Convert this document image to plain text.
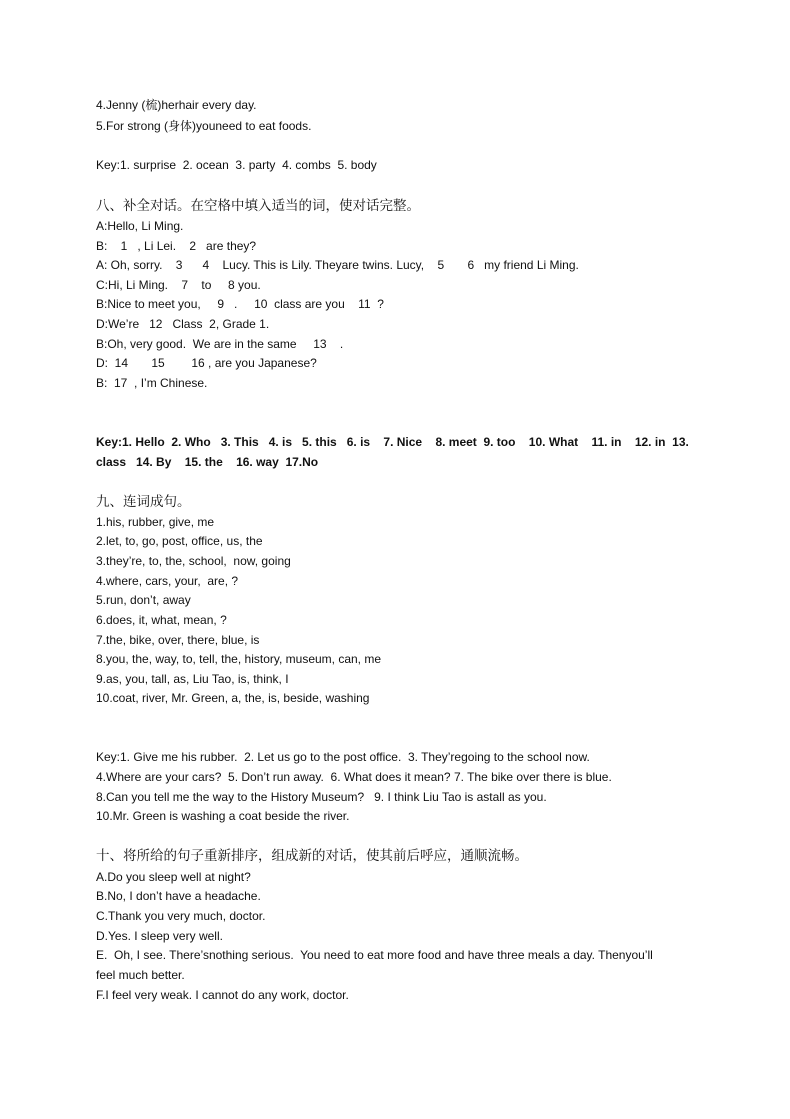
4.Jenny (梳)herhair every day.
5.For strong (身体)youneed to eat foods.
Key:1. surprise  2. ocean  3. party  4. combs  5. body
八、补全对话。在空格中填入适当的词，使对话完整。
A:Hello, Li Ming.
B:    1   , Li Lei.    2   are they?
A: Oh, sorry.    3      4    Lucy. This is Lily. Theyare twins. Lucy,    5       6   my friend Li Ming.
C:Hi, Li Ming.    7    to     8 you.
B:Nice to meet you,     9   .     10  class are you    11  ?
D:We’re   12   Class  2, Grade 1.
B:Oh, very good.  We are in the same     13    .
D:  14       15        16 , are you Japanese?
B:  17  , I’m Chinese.
Key:1. Hello  2. Who   3. This   4. is   5. this   6. is    7. Nice    8. meet  9. too    10. What    11. in    12. in  13.
class   14. By    15. the    16. way  17.No
九、连词成句。
1.his, rubber, give, me
2.let, to, go, post, office, us, the
3.they’re, to, the, school,  now, going
4.where, cars, your,  are, ?
5.run, don’t, away
6.does, it, what, mean, ?
7.the, bike, over, there, blue, is
8.you, the, way, to, tell, the, history, museum, can, me
9.as, you, tall, as, Liu Tao, is, think, I
10.coat, river, Mr. Green, a, the, is, beside, washing
Key:1. Give me his rubber.  2. Let us go to the post office.  3. They’regoing to the school now.
4.Where are your cars?  5. Don’t run away.  6. What does it mean? 7. The bike over there is blue.
8.Can you tell me the way to the History Museum?   9. I think Liu Tao is astall as you.
10.Mr. Green is washing a coat beside the river.
十、将所给的句子重新排序，组成新的对话，使其前后呼应，通顺流畅。
A.Do you sleep well at night?
B.No, I don’t have a headache.
C.Thank you very much, doctor.
D.Yes. I sleep very well.
E.  Oh, I see. There’snothing serious.  You need to eat more food and have three meals a day. Thenyou’ll
feel much better.
F.I feel very weak. I cannot do any work, doctor.
